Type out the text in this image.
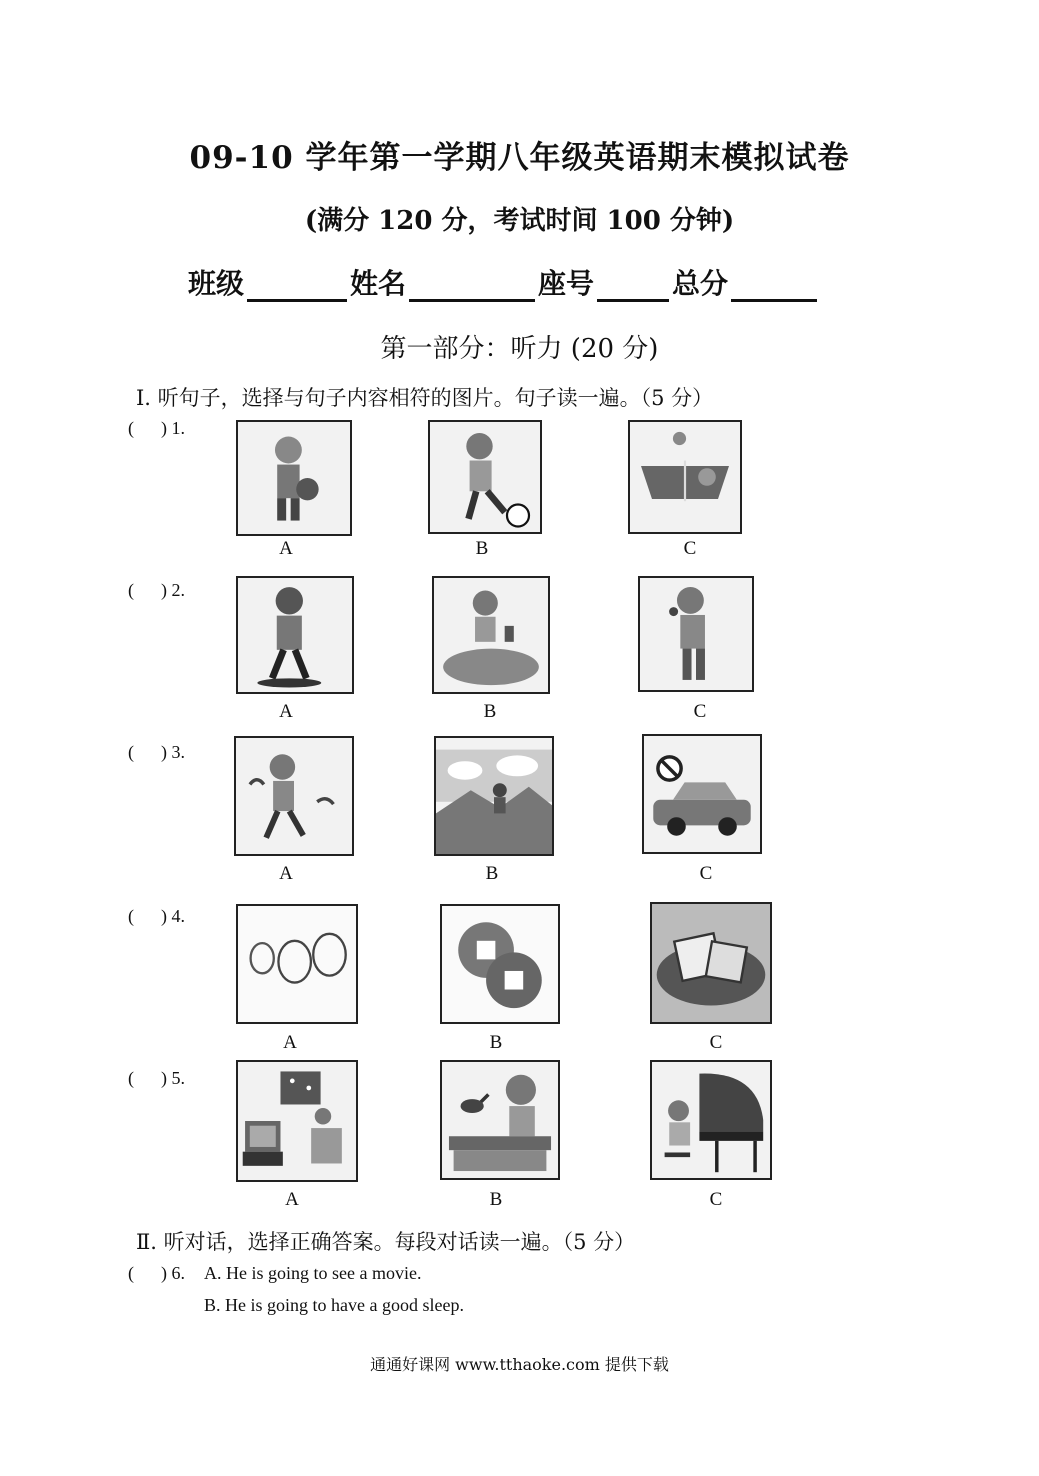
09-10 学年第一学期八年级英语期末模拟试卷
(满分 120 分，考试时间 100 分钟)
班级	姓名	座号	总分
第一部分：听力 (20 分)
Ⅰ. 听句子，选择与句子内容相符的图片。句子读一遍。（5 分）
(      ) 1.
A	B	C
(      ) 2.
A	B	C
(      ) 3.
A	B	C
(      ) 4.
A	B	C
(      ) 5.
A	B	C
Ⅱ. 听对话，选择正确答案。每段对话读一遍。（5 分）
(      ) 6. A. He is going to see a movie.
B. He is going to have a good sleep.
通通好课网 www.tthaoke.com 提供下载
